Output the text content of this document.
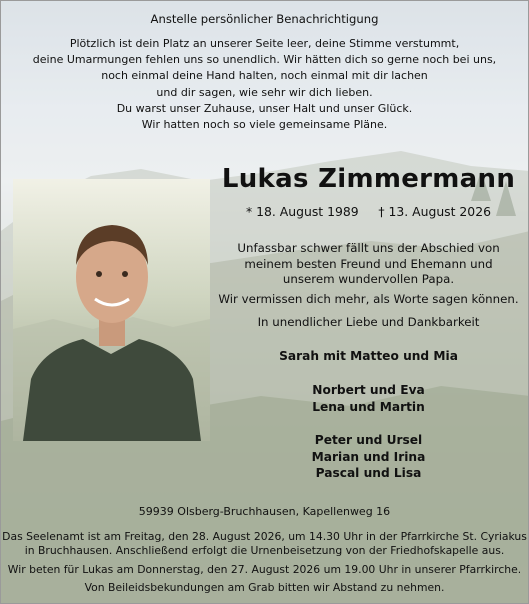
Anstelle persönlicher Benachrichtigung
Plötzlich ist dein Platz an unserer Seite leer, deine Stimme verstummt,
deine Umarmungen fehlen uns so unendlich. Wir hätten dich so gerne noch bei uns,
noch einmal deine Hand halten, noch einmal mit dir lachen
und dir sagen, wie sehr wir dich lieben.
Du warst unser Zuhause, unser Halt und unser Glück.
Wir hatten noch so viele gemeinsame Pläne.
Lukas Zimmermann
* 18. August 1989 † 13. August 2026
Unfassbar schwer fällt uns der Abschied von
meinem besten Freund und Ehemann und
unserem wundervollen Papa.
Wir vermissen dich mehr, als Worte sagen können.
In unendlicher Liebe und Dankbarkeit
Sarah mit Matteo und Mia
Norbert und Eva
Lena und Martin
Peter und Ursel
Marian und Irina
Pascal und Lisa
59939 Olsberg-Bruchhausen, Kapellenweg 16
Das Seelenamt ist am Freitag, den 28. August 2026, um 14.30 Uhr in der Pfarrkirche St. Cyriakus
in Bruchhausen. Anschließend erfolgt die Urnenbeisetzung von der Friedhofskapelle aus.
Wir beten für Lukas am Donnerstag, den 27. August 2026 um 19.00 Uhr in unserer Pfarrkirche.
Von Beileidsbekundungen am Grab bitten wir Abstand zu nehmen.
